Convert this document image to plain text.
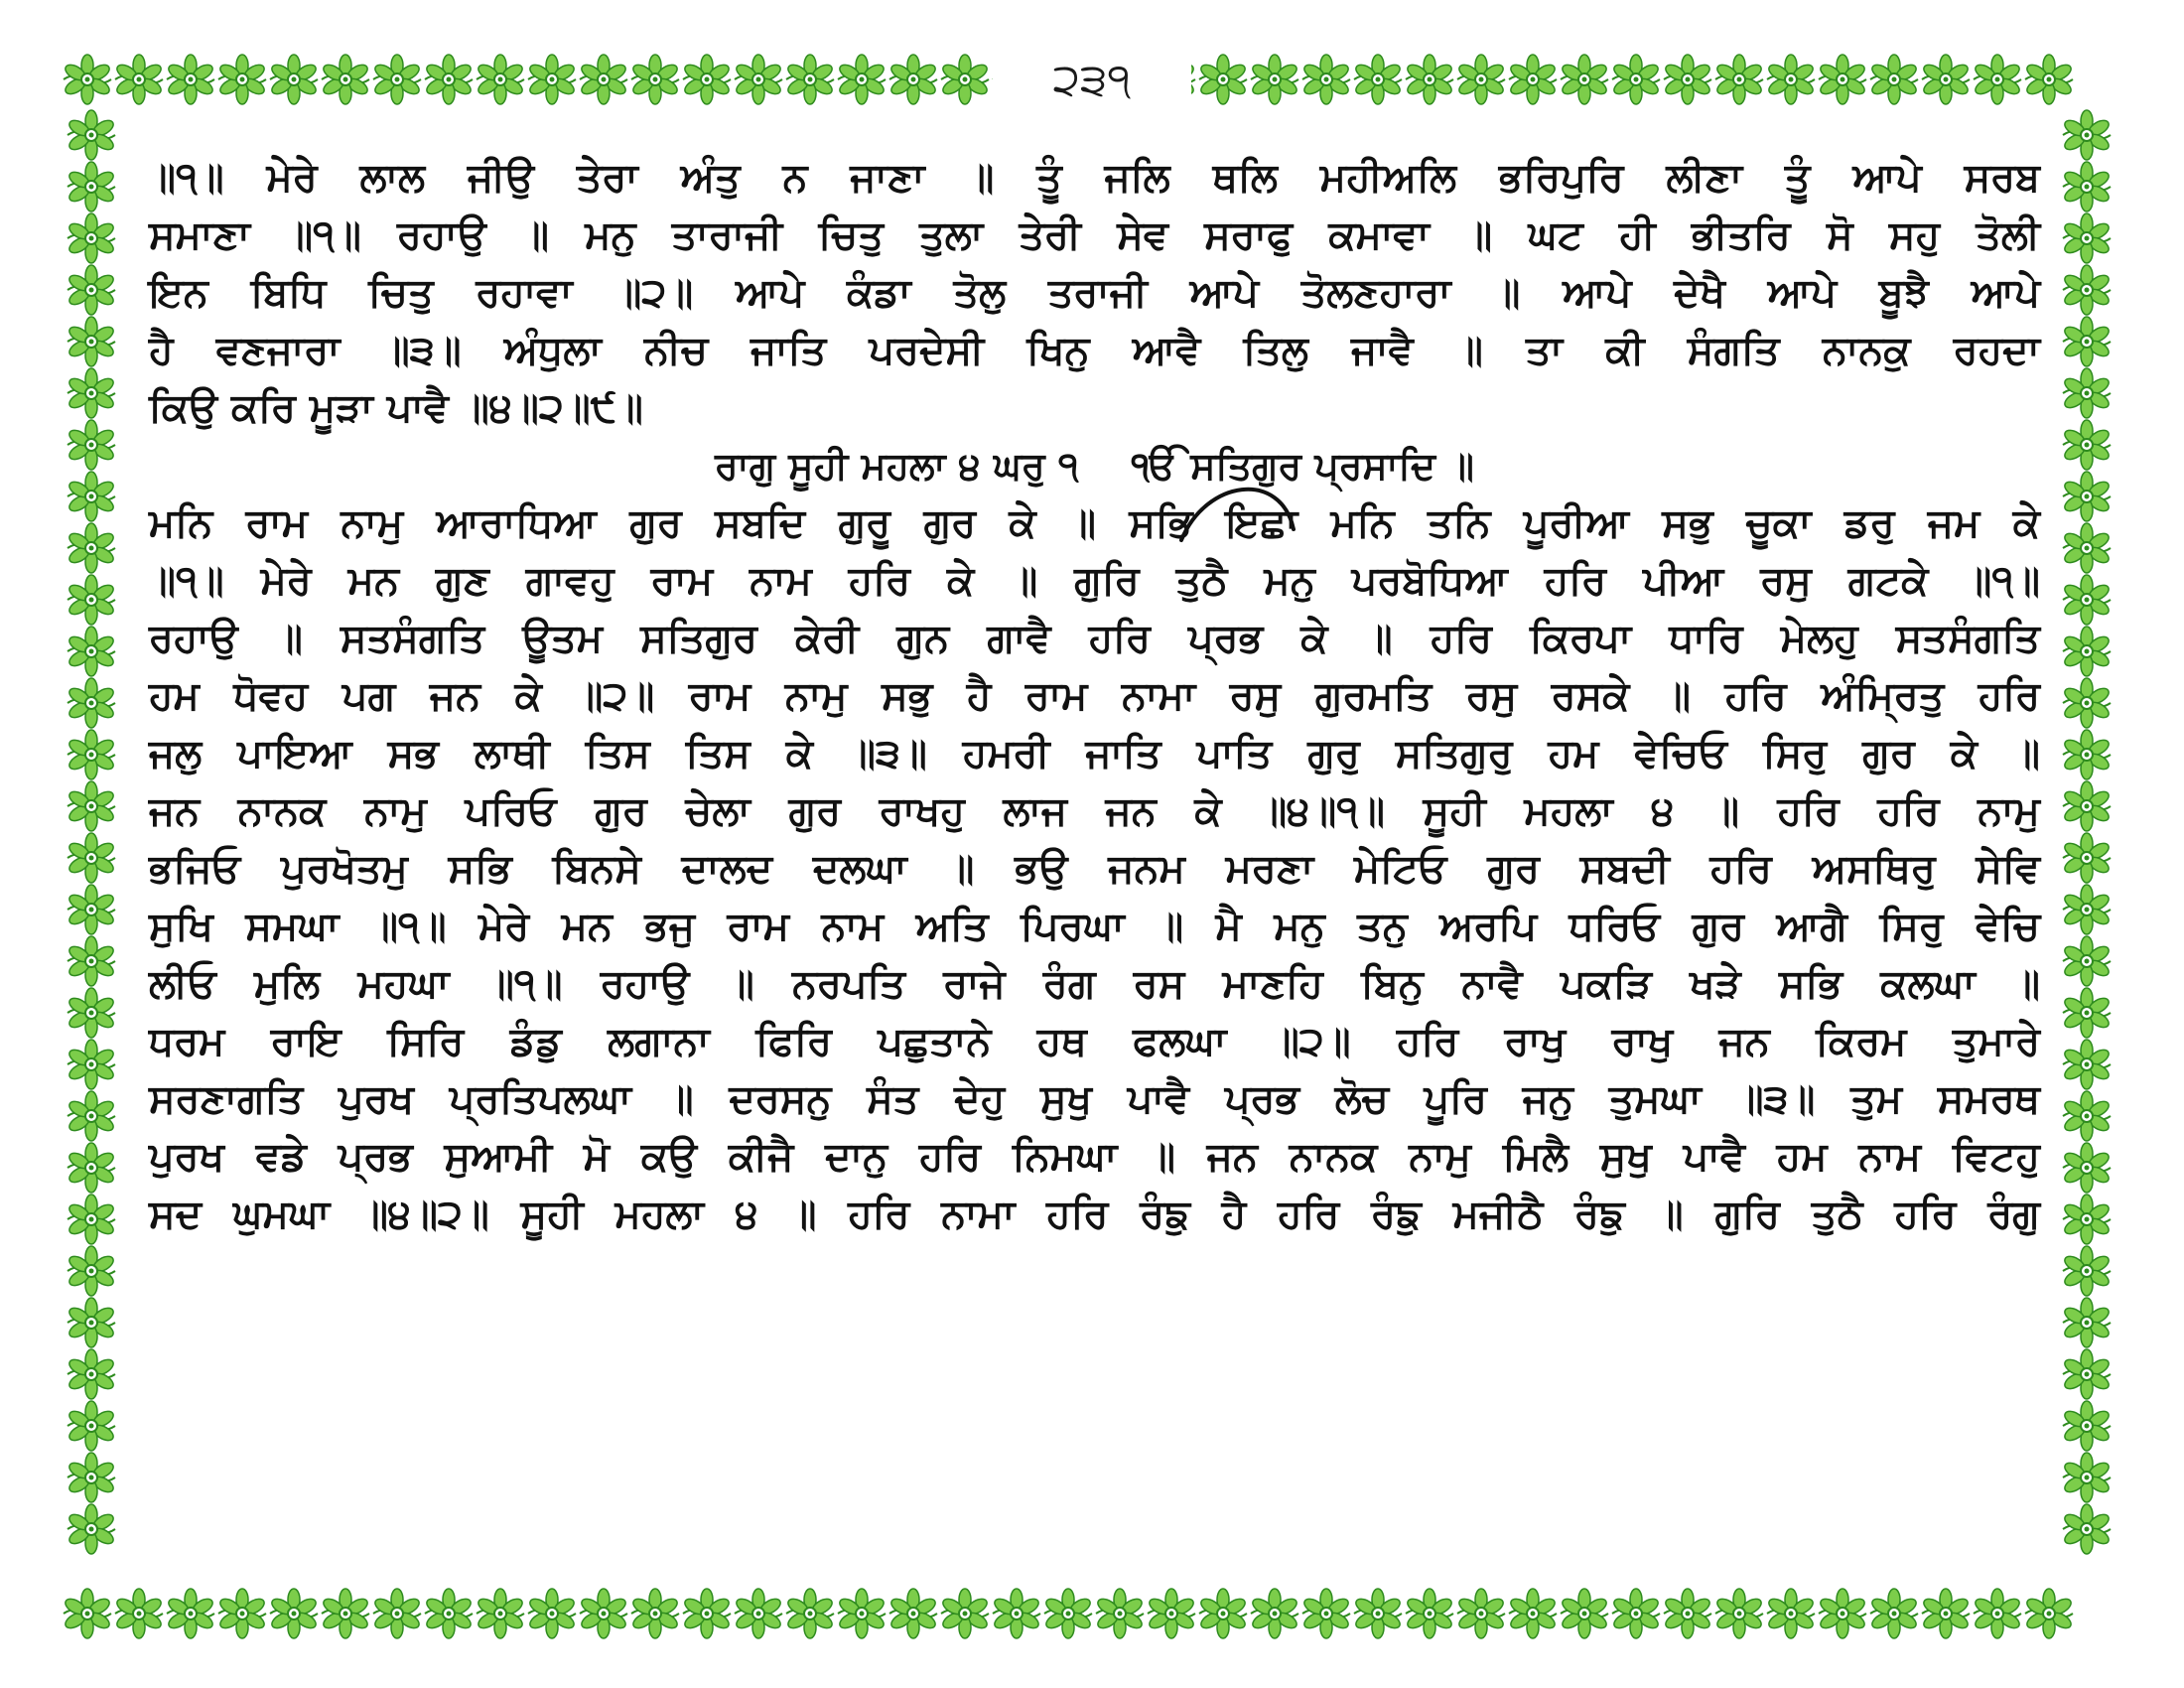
੨੩੧
॥੧॥ ਮੇਰੇ ਲਾਲ ਜੀਉ ਤੇਰਾ ਅੰਤੁ ਨ ਜਾਣਾ ॥ ਤੂੰ ਜਲਿ ਥਲਿ ਮਹੀਅਲਿ ਭਰਿਪੁਰਿ ਲੀਣਾ ਤੂੰ ਆਪੇ ਸਰਬ
ਸਮਾਣਾ ॥੧॥ ਰਹਾਉ ॥ ਮਨੁ ਤਾਰਾਜੀ ਚਿਤੁ ਤੁਲਾ ਤੇਰੀ ਸੇਵ ਸਰਾਫੁ ਕਮਾਵਾ ॥ ਘਟ ਹੀ ਭੀਤਰਿ ਸੋ ਸਹੁ ਤੋਲੀ
ਇਨ ਬਿਧਿ ਚਿਤੁ ਰਹਾਵਾ ॥੨॥ ਆਪੇ ਕੰਡਾ ਤੋਲੁ ਤਰਾਜੀ ਆਪੇ ਤੋਲਣਹਾਰਾ ॥ ਆਪੇ ਦੇਖੈ ਆਪੇ ਬੂਝੈ ਆਪੇ
ਹੈ ਵਣਜਾਰਾ ॥੩॥ ਅੰਧੁਲਾ ਨੀਚ ਜਾਤਿ ਪਰਦੇਸੀ ਖਿਨੁ ਆਵੈ ਤਿਲੁ ਜਾਵੈ ॥ ਤਾ ਕੀ ਸੰਗਤਿ ਨਾਨਕੁ ਰਹਦਾ
ਕਿਉ ਕਰਿ ਮੂੜਾ ਪਾਵੈ ॥੪॥੨॥੯॥
ਰਾਗੁ ਸੂਹੀ ਮਹਲਾ ੪ ਘਰੁ ੧ ੴ ਸਤਿਗੁਰ ਪ੍ਰਸਾਦਿ ॥
ਮਨਿ ਰਾਮ ਨਾਮੁ ਆਰਾਧਿਆ ਗੁਰ ਸਬਦਿ ਗੁਰੂ ਗੁਰ ਕੇ ॥ ਸਭਿ ਇਛਾ ਮਨਿ ਤਨਿ ਪੂਰੀਆ ਸਭੁ ਚੂਕਾ ਡਰੁ ਜਮ ਕੇ
॥੧॥ ਮੇਰੇ ਮਨ ਗੁਣ ਗਾਵਹੁ ਰਾਮ ਨਾਮ ਹਰਿ ਕੇ ॥ ਗੁਰਿ ਤੁਠੈ ਮਨੁ ਪਰਬੋਧਿਆ ਹਰਿ ਪੀਆ ਰਸੁ ਗਟਕੇ ॥੧॥
ਰਹਾਉ ॥ ਸਤਸੰਗਤਿ ਊਤਮ ਸਤਿਗੁਰ ਕੇਰੀ ਗੁਨ ਗਾਵੈ ਹਰਿ ਪ੍ਰਭ ਕੇ ॥ ਹਰਿ ਕਿਰਪਾ ਧਾਰਿ ਮੇਲਹੁ ਸਤਸੰਗਤਿ
ਹਮ ਧੋਵਹ ਪਗ ਜਨ ਕੇ ॥੨॥ ਰਾਮ ਨਾਮੁ ਸਭੁ ਹੈ ਰਾਮ ਨਾਮਾ ਰਸੁ ਗੁਰਮਤਿ ਰਸੁ ਰਸਕੇ ॥ ਹਰਿ ਅੰਮ੍ਰਿਤੁ ਹਰਿ
ਜਲੁ ਪਾਇਆ ਸਭ ਲਾਥੀ ਤਿਸ ਤਿਸ ਕੇ ॥੩॥ ਹਮਰੀ ਜਾਤਿ ਪਾਤਿ ਗੁਰੁ ਸਤਿਗੁਰੁ ਹਮ ਵੇਚਿਓ ਸਿਰੁ ਗੁਰ ਕੇ ॥
ਜਨ ਨਾਨਕ ਨਾਮੁ ਪਰਿਓ ਗੁਰ ਚੇਲਾ ਗੁਰ ਰਾਖਹੁ ਲਾਜ ਜਨ ਕੇ ॥੪॥੧॥ ਸੂਹੀ ਮਹਲਾ ੪ ॥ ਹਰਿ ਹਰਿ ਨਾਮੁ
ਭਜਿਓ ਪੁਰਖੋਤਮੁ ਸਭਿ ਬਿਨਸੇ ਦਾਲਦ ਦਲਘਾ ॥ ਭਉ ਜਨਮ ਮਰਣਾ ਮੇਟਿਓ ਗੁਰ ਸਬਦੀ ਹਰਿ ਅਸਥਿਰੁ ਸੇਵਿ
ਸੁਖਿ ਸਮਘਾ ॥੧॥ ਮੇਰੇ ਮਨ ਭਜੁ ਰਾਮ ਨਾਮ ਅਤਿ ਪਿਰਘਾ ॥ ਮੈ ਮਨੁ ਤਨੁ ਅਰਪਿ ਧਰਿਓ ਗੁਰ ਆਗੈ ਸਿਰੁ ਵੇਚਿ
ਲੀਓ ਮੁਲਿ ਮਹਘਾ ॥੧॥ ਰਹਾਉ ॥ ਨਰਪਤਿ ਰਾਜੇ ਰੰਗ ਰਸ ਮਾਣਹਿ ਬਿਨੁ ਨਾਵੈ ਪਕੜਿ ਖੜੇ ਸਭਿ ਕਲਘਾ ॥
ਧਰਮ ਰਾਇ ਸਿਰਿ ਡੰਡੁ ਲਗਾਨਾ ਫਿਰਿ ਪਛੁਤਾਨੇ ਹਥ ਫਲਘਾ ॥੨॥ ਹਰਿ ਰਾਖੁ ਰਾਖੁ ਜਨ ਕਿਰਮ ਤੁਮਾਰੇ
ਸਰਣਾਗਤਿ ਪੁਰਖ ਪ੍ਰਤਿਪਲਘਾ ॥ ਦਰਸਨੁ ਸੰਤ ਦੇਹੁ ਸੁਖੁ ਪਾਵੈ ਪ੍ਰਭ ਲੋਚ ਪੂਰਿ ਜਨੁ ਤੁਮਘਾ ॥੩॥ ਤੁਮ ਸਮਰਥ
ਪੁਰਖ ਵਡੇ ਪ੍ਰਭ ਸੁਆਮੀ ਮੋ ਕਉ ਕੀਜੈ ਦਾਨੁ ਹਰਿ ਨਿਮਘਾ ॥ ਜਨ ਨਾਨਕ ਨਾਮੁ ਮਿਲੈ ਸੁਖੁ ਪਾਵੈ ਹਮ ਨਾਮ ਵਿਟਹੁ
ਸਦ ਘੁਮਘਾ ॥੪॥੨॥ ਸੂਹੀ ਮਹਲਾ ੪ ॥ ਹਰਿ ਨਾਮਾ ਹਰਿ ਰੰਙੁ ਹੈ ਹਰਿ ਰੰਙੁ ਮਜੀਠੈ ਰੰਙੁ ॥ ਗੁਰਿ ਤੁਠੈ ਹਰਿ ਰੰਗੁ
